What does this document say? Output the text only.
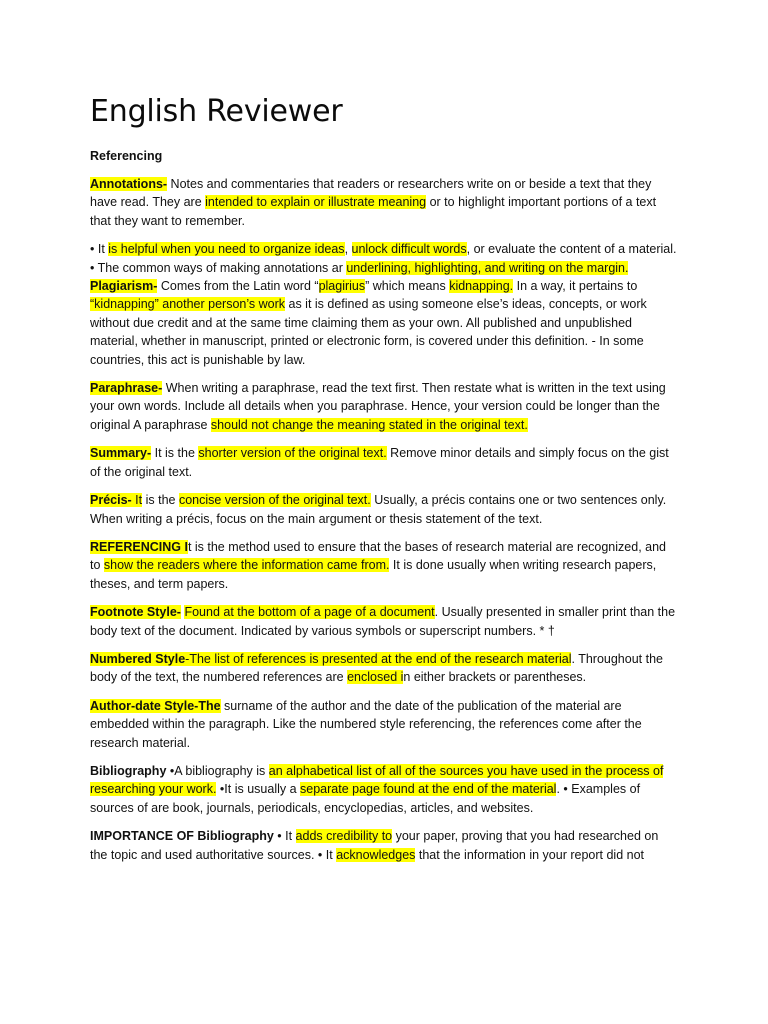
English Reviewer
Referencing

Annotations- Notes and commentaries that readers or researchers write on or beside a text that they have read. They are intended to explain or illustrate meaning or to highlight important portions of a text that they want to remember.

• It is helpful when you need to organize ideas, unlock difficult words, or evaluate the content of a material. • The common ways of making annotations ar underlining, highlighting, and writing on the margin.

Plagiarism- Comes from the Latin word “plagirius” which means kidnapping. In a way, it pertains to “kidnapping” another person’s work as it is defined as using someone else’s ideas, concepts, or work without due credit and at the same time claiming them as your own. All published and unpublished material, whether in manuscript, printed or electronic form, is covered under this definition. - In some countries, this act is punishable by law.

Paraphrase- When writing a paraphrase, read the text first. Then restate what is written in the text using your own words. Include all details when you paraphrase. Hence, your version could be longer than the original A paraphrase should not change the meaning stated in the original text.

Summary- It is the shorter version of the original text. Remove minor details and simply focus on the gist of the original text.

Précis- It is the concise version of the original text. Usually, a précis contains one or two sentences only. When writing a précis, focus on the main argument or thesis statement of the text.

REFERENCING It is the method used to ensure that the bases of research material are recognized, and to show the readers where the information came from. It is done usually when writing research papers, theses, and term papers.

Footnote Style- Found at the bottom of a page of a document. Usually presented in smaller print than the body text of the document. Indicated by various symbols or superscript numbers. * †

Numbered Style-The list of references is presented at the end of the research material. Throughout the body of the text, the numbered references are enclosed in either brackets or parentheses.

Author-date Style-The surname of the author and the date of the publication of the material are embedded within the paragraph. Like the numbered style referencing, the references come after the research material.

Bibliography •A bibliography is an alphabetical list of all of the sources you have used in the process of researching your work. •It is usually a separate page found at the end of the material. • Examples of sources of are book, journals, periodicals, encyclopedias, articles, and websites.

IMPORTANCE OF Bibliography • It adds credibility to your paper, proving that you had researched on the topic and used authoritative sources. • It acknowledges that the information in your report did not
